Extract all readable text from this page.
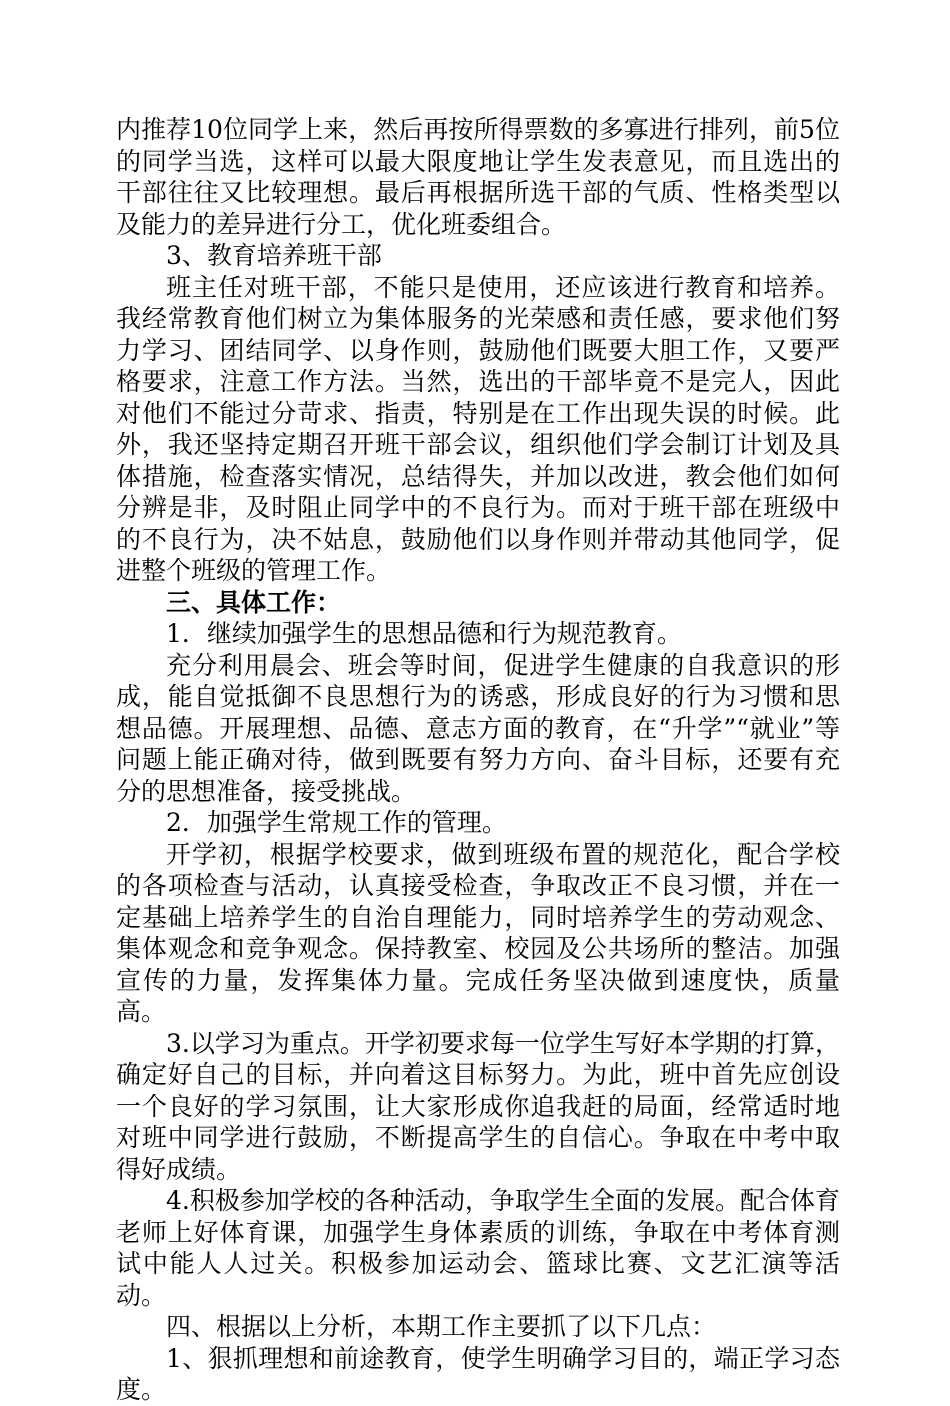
内推荐10位同学上来，然后再按所得票数的多寡进行排列，前5位的同学当选，这样可以最大限度地让学生发表意见，而且选出的干部往往又比较理想。最后再根据所选干部的气质、性格类型以及能力的差异进行分工，优化班委组合。

3、教育培养班干部

班主任对班干部，不能只是使用，还应该进行教育和培养。我经常教育他们树立为集体服务的光荣感和责任感，要求他们努力学习、团结同学、以身作则，鼓励他们既要大胆工作，又要严格要求，注意工作方法。当然，选出的干部毕竟不是完人，因此对他们不能过分苛求、指责，特别是在工作出现失误的时候。此外，我还坚持定期召开班干部会议，组织他们学会制订计划及具体措施，检查落实情况，总结得失，并加以改进，教会他们如何分辨是非，及时阻止同学中的不良行为。而对于班干部在班级中的不良行为，决不姑息，鼓励他们以身作则并带动其他同学，促进整个班级的管理工作。

三、具体工作：

1．继续加强学生的思想品德和行为规范教育。

充分利用晨会、班会等时间，促进学生健康的自我意识的形成，能自觉抵御不良思想行为的诱惑，形成良好的行为习惯和思想品德。开展理想、品德、意志方面的教育，在“升学”“就业”等问题上能正确对待，做到既要有努力方向、奋斗目标，还要有充分的思想准备，接受挑战。

2．加强学生常规工作的管理。

开学初，根据学校要求，做到班级布置的规范化，配合学校的各项检查与活动，认真接受检查，争取改正不良习惯，并在一定基础上培养学生的自治自理能力，同时培养学生的劳动观念、集体观念和竞争观念。保持教室、校园及公共场所的整洁。加强宣传的力量，发挥集体力量。完成任务坚决做到速度快，质量高。

3.以学习为重点。开学初要求每一位学生写好本学期的打算，确定好自己的目标，并向着这目标努力。为此，班中首先应创设一个良好的学习氛围，让大家形成你追我赶的局面，经常适时地对班中同学进行鼓励，不断提高学生的自信心。争取在中考中取得好成绩。

4.积极参加学校的各种活动，争取学生全面的发展。配合体育老师上好体育课，加强学生身体素质的训练，争取在中考体育测试中能人人过关。积极参加运动会、篮球比赛、文艺汇演等活动。

四、根据以上分析，本期工作主要抓了以下几点：

1、狠抓理想和前途教育，使学生明确学习目的，端正学习态度。
